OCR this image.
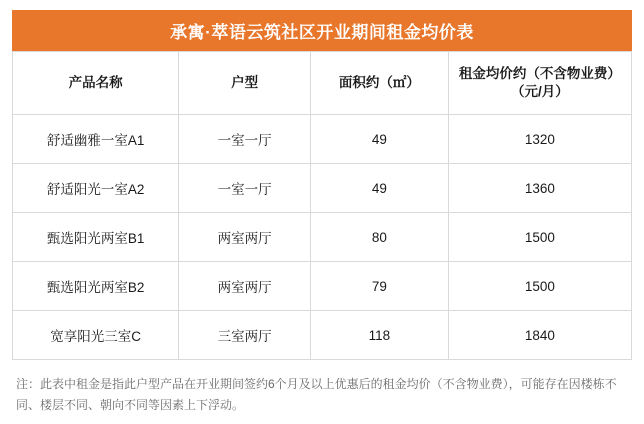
承寓·萃语云筑社区开业期间租金均价表
产品名称	户型	面积约（㎡）	租金均价约（不含物业费）（元/月）
舒适幽雅一室A1	一室一厅	49	1320
舒适阳光一室A2	一室一厅	49	1360
甄选阳光两室B1	两室两厅	80	1500
甄选阳光两室B2	两室两厅	79	1500
宽享阳光三室C	三室两厅	118	1840

注：此表中租金是指此户型产品在开业期间签约6个月及以上优惠后的租金均价（不含物业费），可能存在因楼栋不同、楼层不同、朝向不同等因素上下浮动。
